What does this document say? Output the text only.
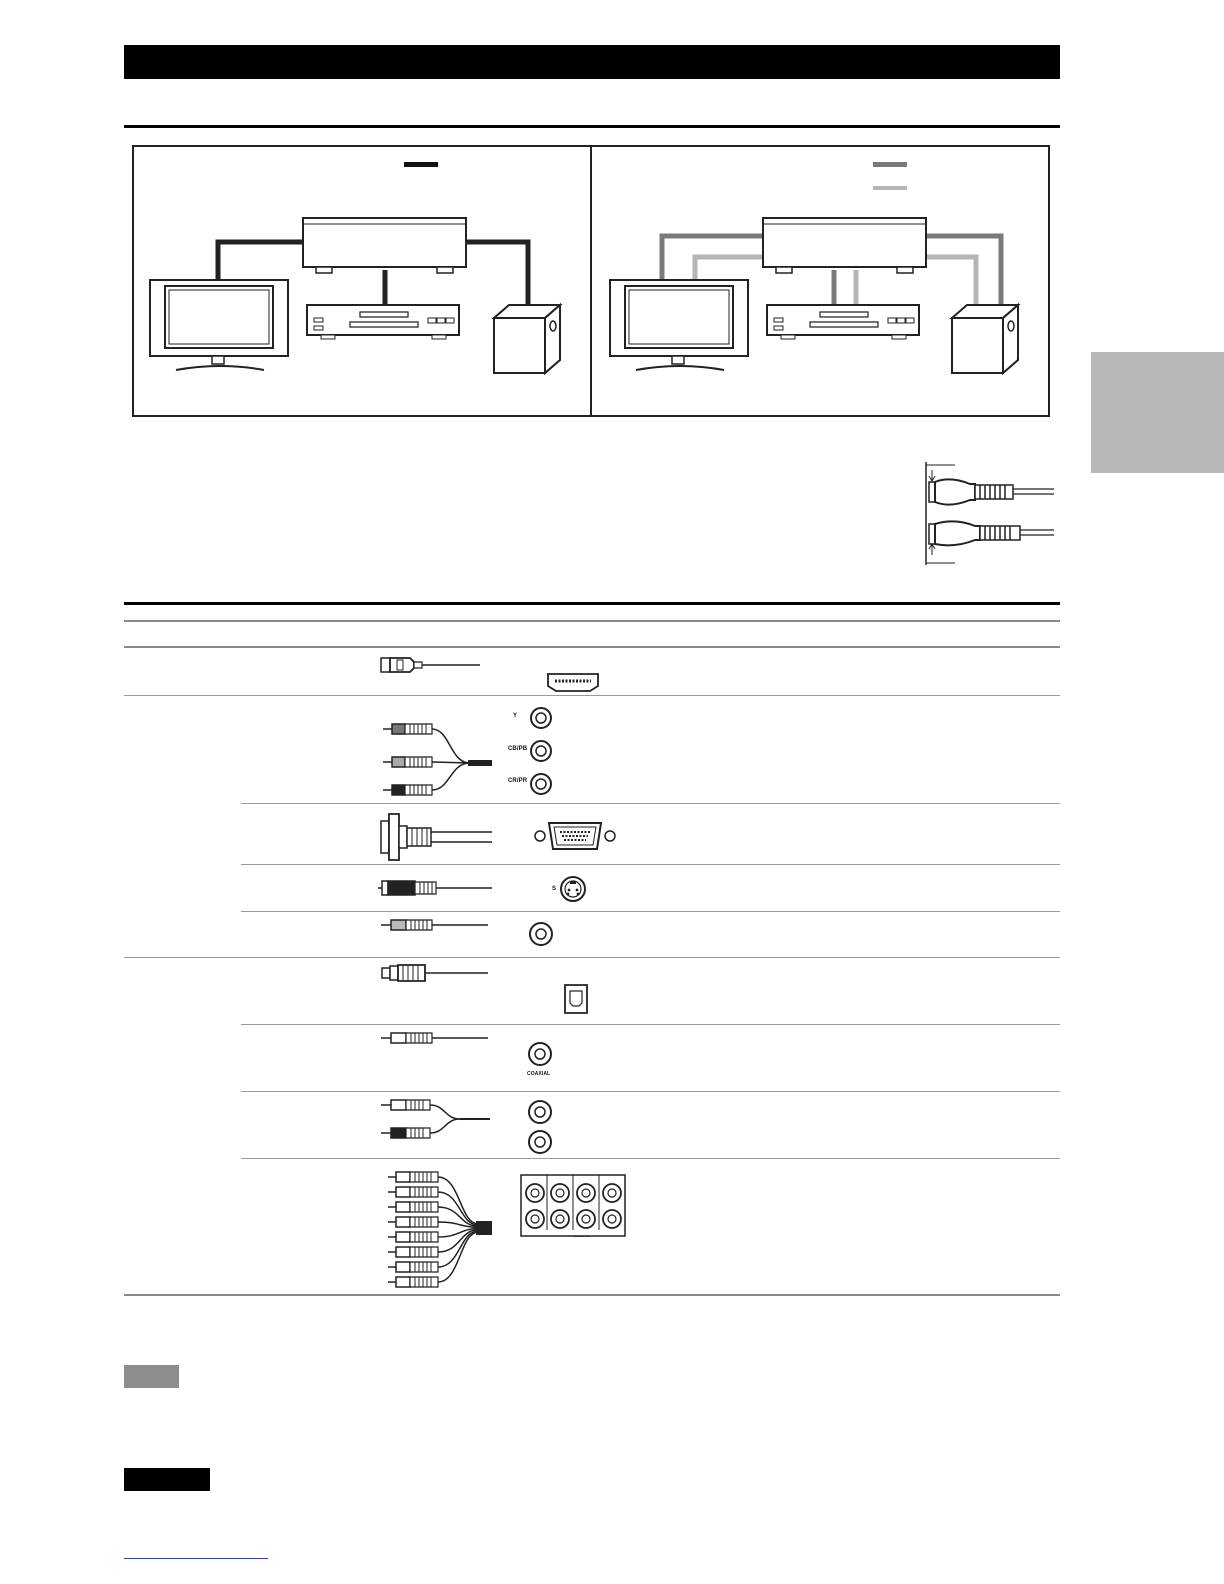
Y
CB/PB
CR/PR
S
COAXIAL
